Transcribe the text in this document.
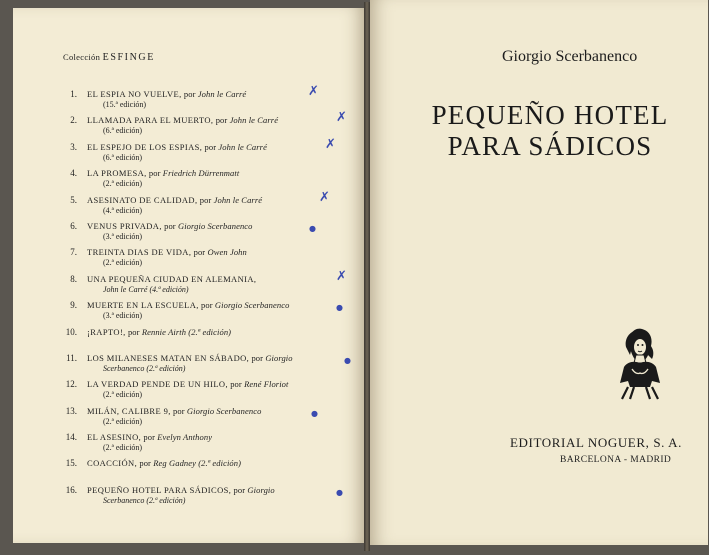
Colección ESFINGE
1. EL ESPIA NO VUELVE, por John le Carré
(15.ª edición)
✗
2. LLAMADA PARA EL MUERTO, por John le Carré
(6.ª edición)
✗
3. EL ESPEJO DE LOS ESPIAS, por John le Carré
(6.ª edición)
✗
4. LA PROMESA, por Friedrich Dürrenmatt
(2.ª edición)
5. ASESINATO DE CALIDAD, por John le Carré
(4.ª edición)
✗
6. VENUS PRIVADA, por Giorgio Scerbanenco
(3.ª edición)
●
7. TREINTA DIAS DE VIDA, por Owen John
(2.ª edición)
8. UNA PEQUEÑA CIUDAD EN ALEMANIA,
John le Carré (4.ª edición)
✗
9. MUERTE EN LA ESCUELA, por Giorgio Scerbanenco
(3.ª edición)
●
10. ¡RAPTO!, por Rennie Airth (2.ª edición)
11. LOS MILANESES MATAN EN SÁBADO, por Giorgio
Scerbanenco (2.ª edición)
●
12. LA VERDAD PENDE DE UN HILO, por René Floriot
(2.ª edición)
13. MILÁN, CALIBRE 9, por Giorgio Scerbanenco
(2.ª edición)
●
14. EL ASESINO, por Evelyn Anthony
(2.ª edición)
15. COACCIÓN, por Reg Gadney (2.ª edición)
16. PEQUEÑO HOTEL PARA SÁDICOS, por Giorgio
Scerbanenco (2.ª edición)
●
Giorgio Scerbanenco
PEQUEÑO HOTEL
PARA SÁDICOS
EDITORIAL NOGUER, S. A.
BARCELONA - MADRID
